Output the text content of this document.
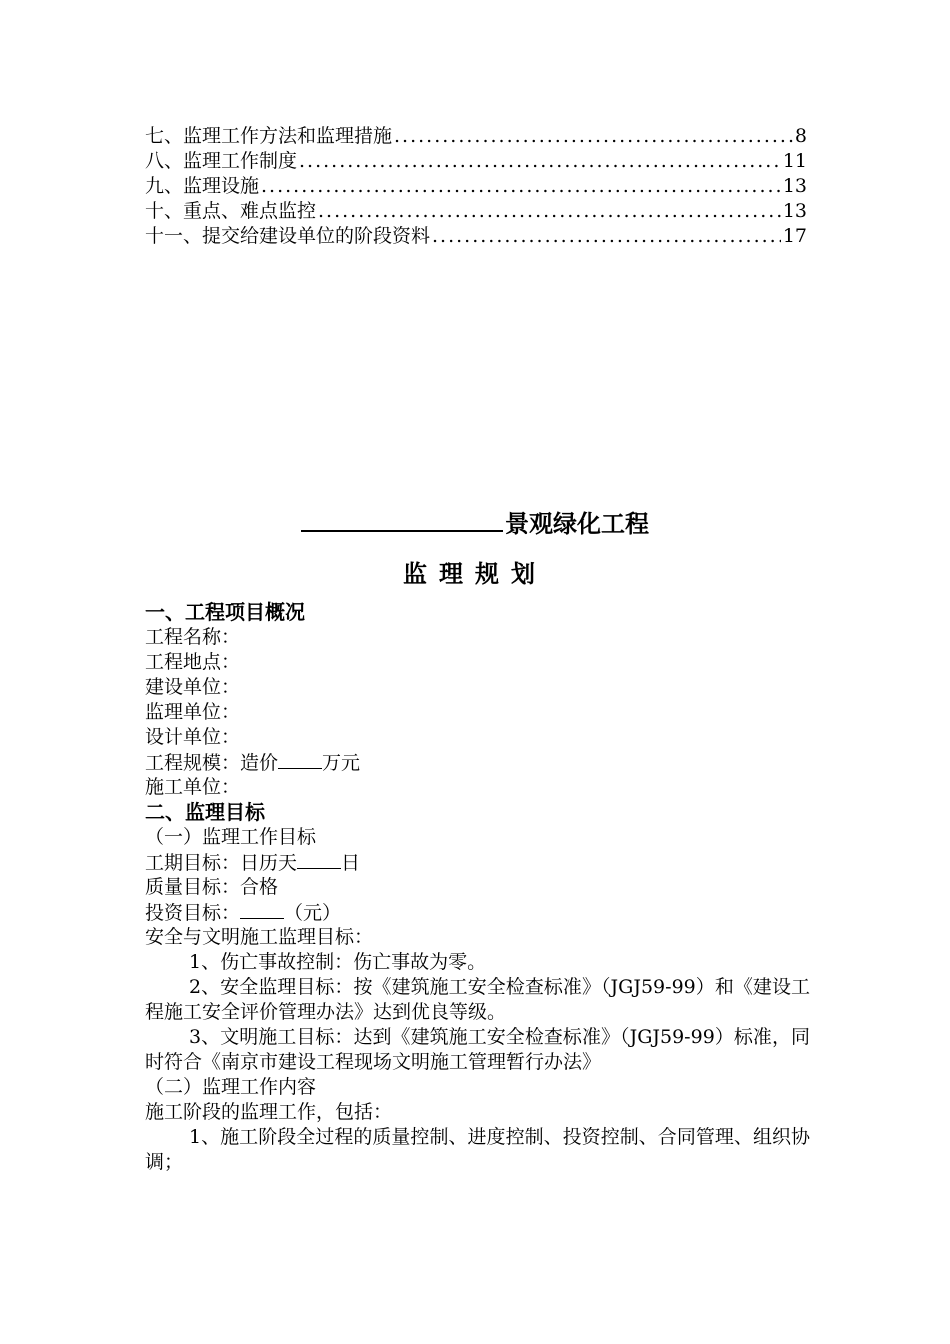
七、监理工作方法和监理措施 .....	8
八、监理工作制度 .....	11
九、监理设施 .....	13
十、重点、难点监控 .....	13
十一、提交给建设单位的阶段资料 .....	17
景观绿化工程
监理规划
一、工程项目概况
工程名称：
工程地点：
建设单位：
监理单位：
设计单位：
工程规模：造价 万元
施工单位：
二、监理目标
（一）监理工作目标
工期目标：日历天 日
质量目标：合格
投资目标： （元）
安全与文明施工监理目标：
1、伤亡事故控制：伤亡事故为零。
2、安全监理目标：按《建筑施工安全检查标准》（JGJ59-99）和《建设工程施工安全评价管理办法》达到优良等级。
3、文明施工目标：达到《建筑施工安全检查标准》（JGJ59-99）标准，同时符合《南京市建设工程现场文明施工管理暂行办法》
（二）监理工作内容
施工阶段的监理工作，包括：
1、施工阶段全过程的质量控制、进度控制、投资控制、合同管理、组织协调；
